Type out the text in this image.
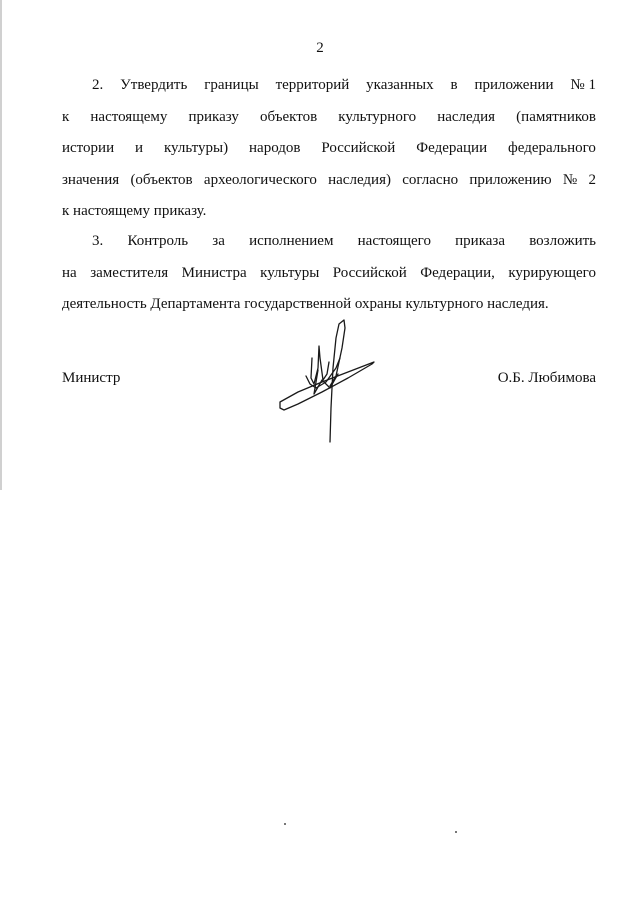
2
2. Утвердить границы территорий указанных в приложении № 1
к настоящему приказу объектов культурного наследия (памятников
истории и культуры) народов Российской Федерации федерального
значения (объектов археологического наследия) согласно приложению № 2
к настоящему приказу.
3. Контроль за исполнением настоящего приказа возложить
на заместителя Министра культуры Российской Федерации, курирующего
деятельность Департамента государственной охраны культурного наследия.
Министр	О.Б. Любимова
